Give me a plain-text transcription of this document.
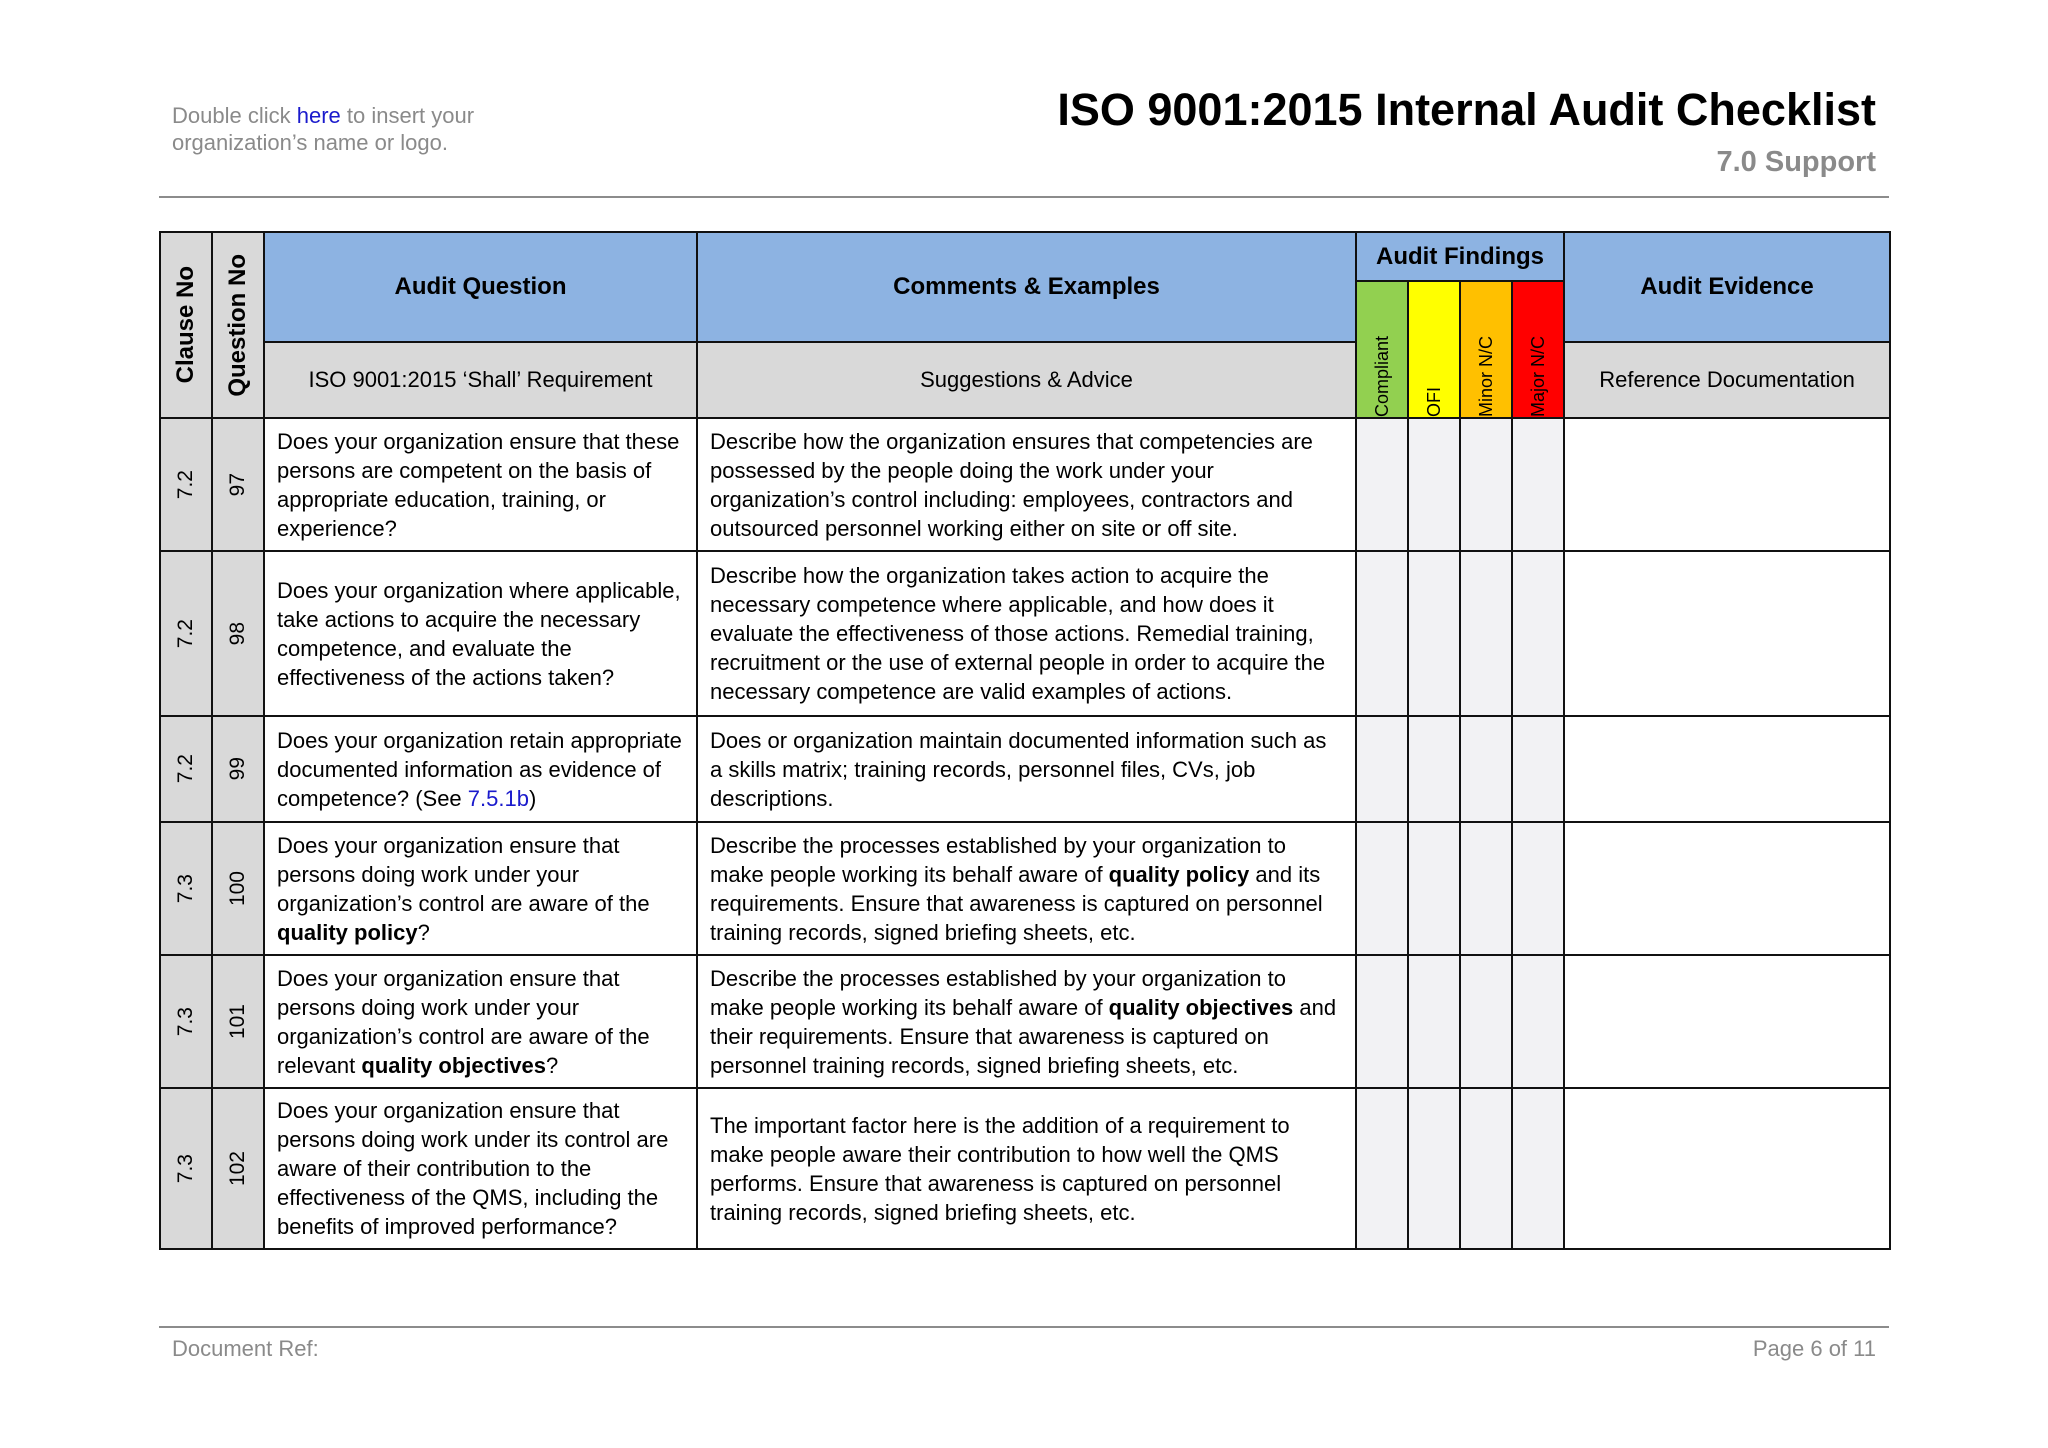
Double click here to insert your organization’s name or logo.
ISO 9001:2015 Internal Audit Checklist
7.0 Support
Clause No	Question No	Audit Question	Comments & Examples	Audit Findings				Audit Evidence

				Compliant	OFI	Minor N/C	Major N/C	

		ISO 9001:2015 ‘Shall’ Requirement	Suggestions & Advice					Reference Documentation

7.2	97	Does your organization ensure that these persons are competent on the basis of appropriate education, training, or experience?	Describe how the organization ensures that competencies are possessed by the people doing the work under your organization’s control including: employees, contractors and outsourced personnel working either on site or off site.					

7.2	98	Does your organization where applicable, take actions to acquire the necessary competence, and evaluate the effectiveness of the actions taken?	Describe how the organization takes action to acquire the necessary competence where applicable, and how does it evaluate the effectiveness of those actions. Remedial training, recruitment or the use of external people in order to acquire the necessary competence are valid examples of actions.					

7.2	99	Does your organization retain appropriate documented information as evidence of competence? (See 7.5.1b)	Does or organization maintain documented information such as a skills matrix; training records, personnel files, CVs, job descriptions.					

7.3	100	Does your organization ensure that persons doing work under your organization’s control are aware of the quality policy?	Describe the processes established by your organization to make people working its behalf aware of quality policy and its requirements. Ensure that awareness is captured on personnel training records, signed briefing sheets, etc.					

7.3	101	Does your organization ensure that persons doing work under your organization’s control are aware of the relevant quality objectives?	Describe the processes established by your organization to make people working its behalf aware of quality objectives and their requirements. Ensure that awareness is captured on personnel training records, signed briefing sheets, etc.					

7.3	102	Does your organization ensure that persons doing work under its control are aware of their contribution to the effectiveness of the QMS, including the benefits of improved performance?	The important factor here is the addition of a requirement to make people aware their contribution to how well the QMS performs. Ensure that awareness is captured on personnel training records, signed briefing sheets, etc.					
Document Ref:	Page 6 of 11
